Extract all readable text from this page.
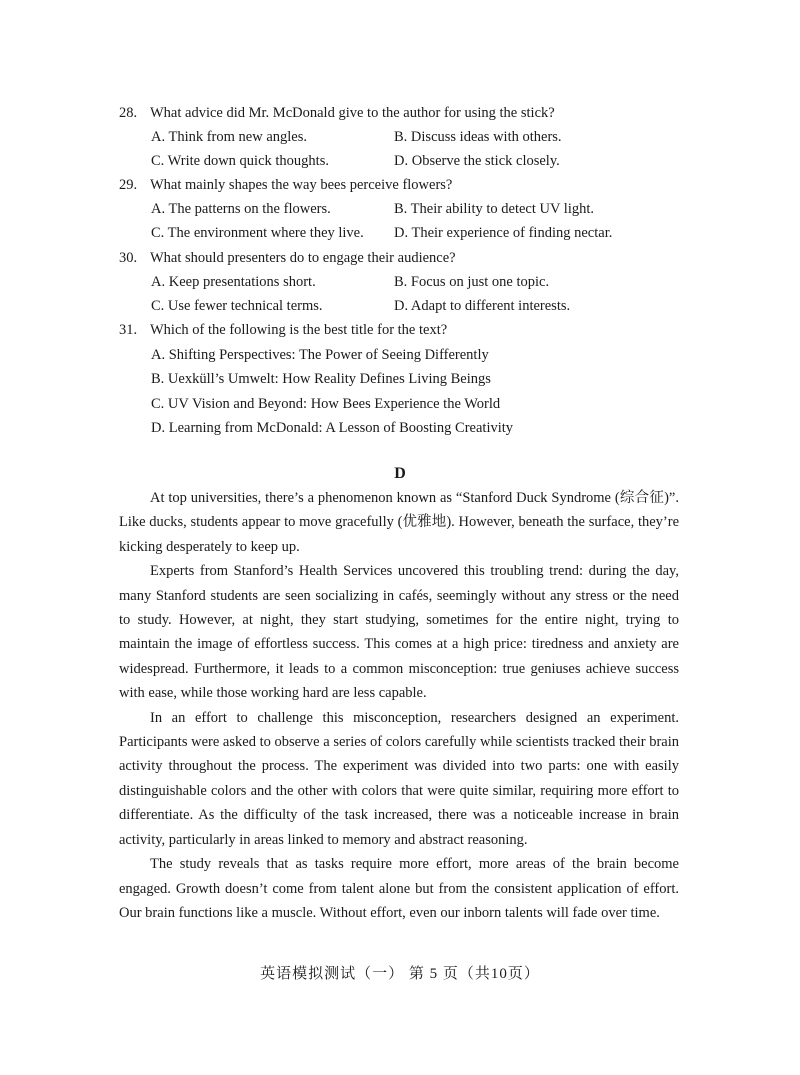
28. What advice did Mr. McDonald give to the author for using the stick?
A. Think from new angles.	B. Discuss ideas with others.
C. Write down quick thoughts.	D. Observe the stick closely.
29. What mainly shapes the way bees perceive flowers?
A. The patterns on the flowers.	B. Their ability to detect UV light.
C. The environment where they live. D. Their experience of finding nectar.
30. What should presenters do to engage their audience?
A. Keep presentations short.	B. Focus on just one topic.
C. Use fewer technical terms.	D. Adapt to different interests.
31. Which of the following is the best title for the text?
A. Shifting Perspectives: The Power of Seeing Differently
B. Uexküll’s Umwelt: How Reality Defines Living Beings
C. UV Vision and Beyond: How Bees Experience the World
D. Learning from McDonald: A Lesson of Boosting Creativity
D

At top universities, there’s a phenomenon known as “Stanford Duck Syndrome (综合征)”. Like ducks, students appear to move gracefully (优雅地). However, beneath the surface, they’re kicking desperately to keep up.

Experts from Stanford’s Health Services uncovered this troubling trend: during the day, many Stanford students are seen socializing in cafés, seemingly without any stress or the need to study. However, at night, they start studying, sometimes for the entire night, trying to maintain the image of effortless success. This comes at a high price: tiredness and anxiety are widespread. Furthermore, it leads to a common misconception: true geniuses achieve success with ease, while those working hard are less capable.

In an effort to challenge this misconception, researchers designed an experiment. Participants were asked to observe a series of colors carefully while scientists tracked their brain activity throughout the process. The experiment was divided into two parts: one with easily distinguishable colors and the other with colors that were quite similar, requiring more effort to differentiate. As the difficulty of the task increased, there was a noticeable increase in brain activity, particularly in areas linked to memory and abstract reasoning.

The study reveals that as tasks require more effort, more areas of the brain become engaged. Growth doesn’t come from talent alone but from the consistent application of effort. Our brain functions like a muscle. Without effort, even our inborn talents will fade over time.

英语模拟测试（一） 第 5 页（共10页）
